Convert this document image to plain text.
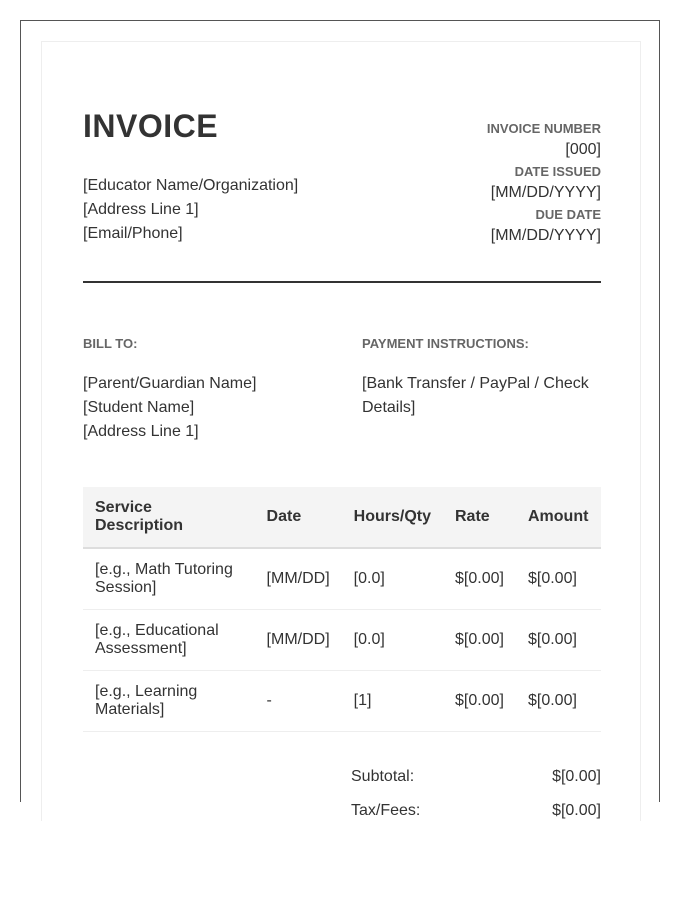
INVOICE
[Educator Name/Organization]
[Address Line 1]
[Email/Phone]
INVOICE NUMBER
[000]
DATE ISSUED
[MM/DD/YYYY]
DUE DATE
[MM/DD/YYYY]
BILL TO:
[Parent/Guardian Name]
[Student Name]
[Address Line 1]
PAYMENT INSTRUCTIONS:
[Bank Transfer / PayPal / Check Details]
Service Description	Date	Hours/Qty	Rate	Amount
[e.g., Math Tutoring Session]	[MM/DD]	[0.0]	$[0.00]	$[0.00]
[e.g., Educational Assessment]	[MM/DD]	[0.0]	$[0.00]	$[0.00]
[e.g., Learning Materials]	-	[1]	$[0.00]	$[0.00]
Subtotal:	$[0.00]
Tax/Fees:	$[0.00]
